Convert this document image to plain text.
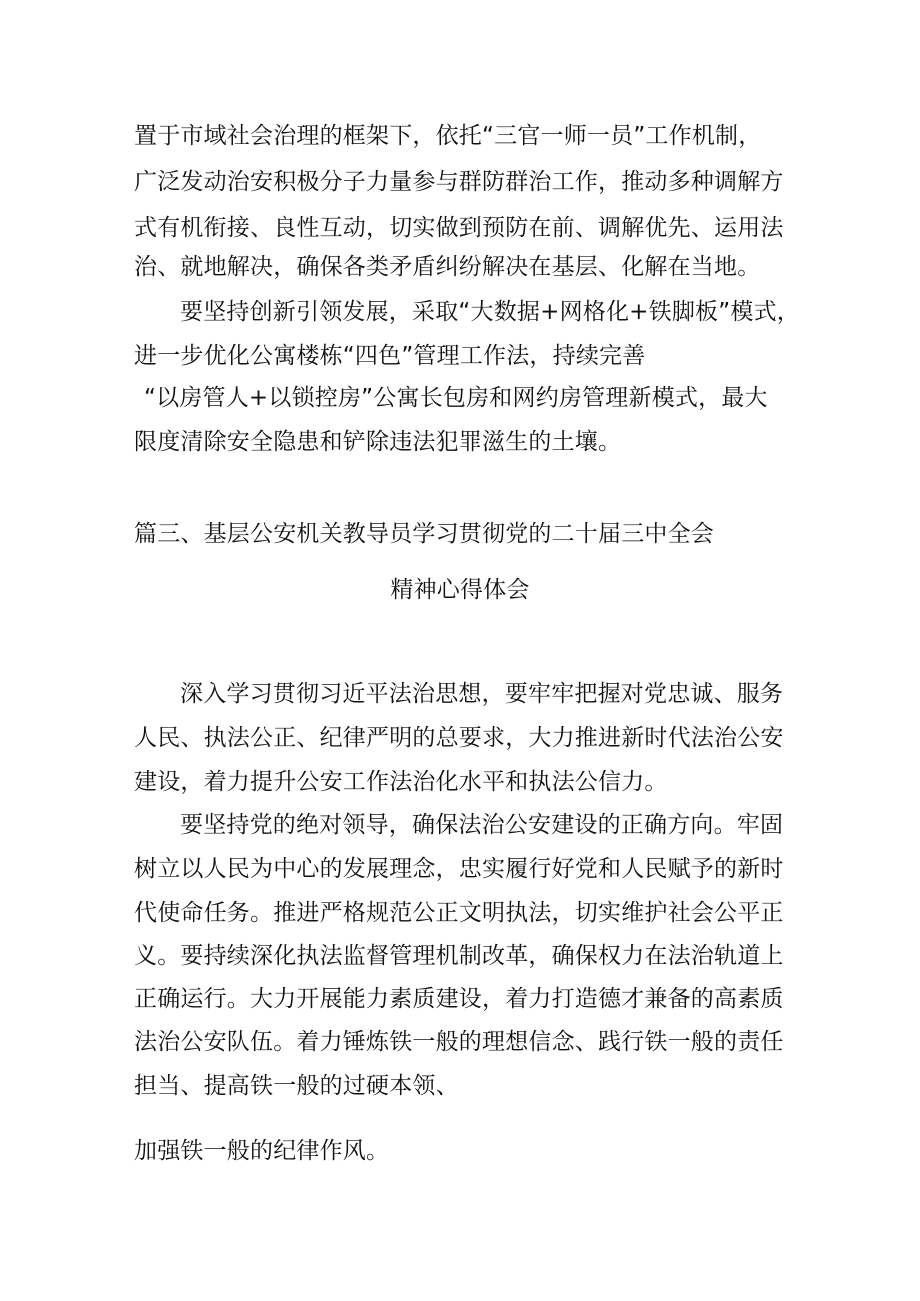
置于市域社会治理的框架下，依托“三官一师一员”工作机制，
广泛发动治安积极分子力量参与群防群治工作，推动多种调解方
式有机衔接、良性互动，切实做到预防在前、调解优先、运用法
治、就地解决，确保各类矛盾纠纷解决在基层、化解在当地。
要坚持创新引领发展，采取“大数据+网格化+铁脚板”模式，
进一步优化公寓楼栋“四色”管理工作法，持续完善
“以房管人+以锁控房”公寓长包房和网约房管理新模式，最大
限度清除安全隐患和铲除违法犯罪滋生的土壤。
篇三、基层公安机关教导员学习贯彻党的二十届三中全会
精神心得体会
深入学习贯彻习近平法治思想，要牢牢把握对党忠诚、服务
人民、执法公正、纪律严明的总要求，大力推进新时代法治公安
建设，着力提升公安工作法治化水平和执法公信力。
要坚持党的绝对领导，确保法治公安建设的正确方向。牢固
树立以人民为中心的发展理念，忠实履行好党和人民赋予的新时
代使命任务。推进严格规范公正文明执法，切实维护社会公平正
义。要持续深化执法监督管理机制改革，确保权力在法治轨道上
正确运行。大力开展能力素质建设，着力打造德才兼备的高素质
法治公安队伍。着力锤炼铁一般的理想信念、践行铁一般的责任
担当、提高铁一般的过硬本领、
加强铁一般的纪律作风。
